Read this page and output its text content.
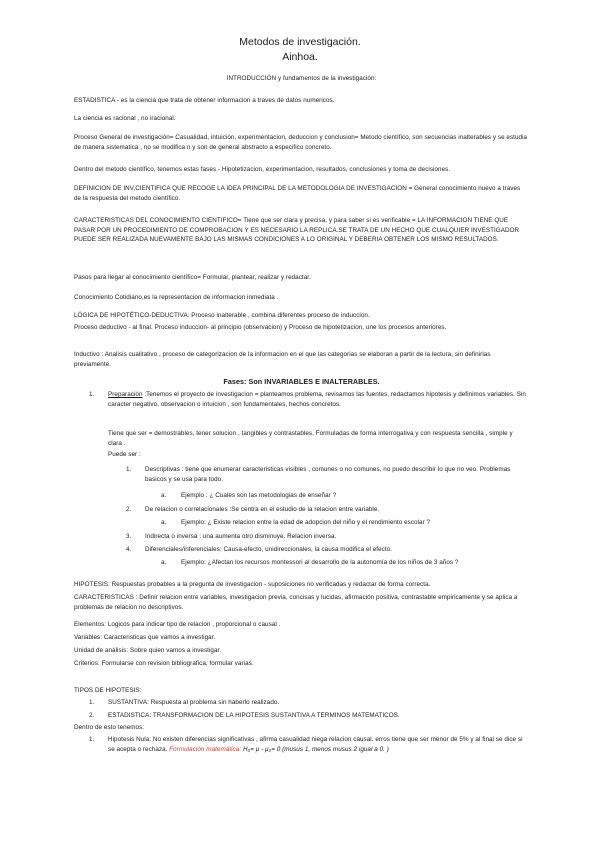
Metodos de investigación.
Ainhoa.
INTRODUCCIÓN y fundamentos de la investigación:
ESTADISTICA - es la ciencia que trata de obtener informacion a traves de datos numericos.
La ciencia es racional , no iracional.
Proceso General de investigación= Casualidad, intuición, experimentacion, deduccion y conclusion= Metodo científico, son secuencias inalterables y se estudia de manera sistematica , no se modifica n y son de general abstracto a especifico concreto.
Dentro del metodo científico, tenemos estas fases - Hipotetizacion, experimentacion, resultados, conclusiones y toma de decisiones.
DEFINICION DE INV,CIENTIFICA QUE RECOGE LA IDEA PRINCIPAL DE LA METODOLOGIA DE INVESTIGACION = General conocimiento nuevo a traves de la respuesta del metodo científico.
CARACTERISTICAS DEL CONOCIMIENTO CIENTIFICO= Tiene que ser clara y precisa, y para saber si es verificable = LA INFORMACION TIENE QUE PASAR POR UN PROCEDIMIENTO DE COMPROBACION Y ES NECESARIO LA REPLICA.SE TRATA DE UN HECHO QUE CUALQUIER INVESTIGADOR PUEDE SER REALIZADA NUEVAMENTE BAJO LAS MISMAS CONDICIONES A LO ORIGINAL Y DEBERIA OBTENER LOS MISMO RESULTADOS.
Pasos para llegar al conocimiento científico= Formular, plantear, realizar y redactar.
Conocimiento Cotidiano,es la representacion de informacion inmediata .
LÓGICA DE HIPOTÉTICO-DEDUCTIVA: Proceso inalterable , combina diferentes proceso de induccion.
Proceso deductivo - al final. Proceso induccion- al principio (observacion) y Proceso de hipotetizacion, une los procesos anteriores.
Inductivo : Analisis cualitativo , proceso de categorizacion de la informacion en el que las categorias se elaboran a partir de la lectura, sin definirlas previamente.
Fases: Son INVARIABLES E INALTERABLES.
1. Preparación :Tenemos el proyecto de investigacion = planteamos problema, revisamos las fuentes, redactamos hipotesis y definimos variables. Sin caracter negativo, observacion o intuicion , son fundamentales, hechos concretos.
Tiene que ser = demostrables, tener solucion , tangibles y contrastables, Formuladas de forma interrogativa y con respuesta sencilla , simple y clara .
Puede ser :
1. Descriptivas : tiene que enumerar caracteristicas visibles , comunes o no comunes, no puedo describir lo que no veo. Problemas basicos y se usa para todo.
a. Ejemplo : ¿ Cuales son las metodologias de enseñar ?
2. De relacion o correlacionales :Se centra en el estudio de la relacion entre variable.
a. Ejemplo: ¿ Existe relacion entre la edad de adopcion del niño y el rendimiento escolar ?
3. Indirecta o inversa : una aumenta otro disminuye. Relacion inversa.
4. Diferenciales/inferenciales: Causa-efecto, unidireccionales, la causa modifica el efecto.
a. Ejemplo: ¿Afectan los recursos montessori al desarrollo de la autonomía de los niños de 3 años ?
HIPOTESIS: Respuestas probables a la pregunta de investigacion - suposiciones no verificadas y redactar de forma correcta.
CARACTERISTICAS : Definir relacion entre variables, investigacion previa, concisas y lucidas, afirmación positiva, contrastable empiricamente y se aplica a problemas de relacion no descriptivos.
Elementos: Logicos para indicar tipo de relacion , proporcional o causal .
Variables: Caracteristicas que vamos a investigar.
Unidad de análisis: Sobre quien vamos a investigar.
Criterios: Formularse con revision bibliografica, formular varias.
TIPOS DE HIPOTESIS:
1. SUSTANTIVA: Respuesta al problema sin haberlo realizado.
2. ESTADISTICA: TRANSFORMACION DE LA HIPOTESIS SUSTANTIVA A TERMINOS MATEMATICOS.
Dentro de esto tenemos:
1. Hipotesis Nula: No existen diferencias significativas , afirma casualidad niega relacion causal. erros tiene que ser menor de 5% y al final se dice si se acepta o rechaza. Formulación matemática: H₀= μ - μ₀= 0 (musus 1, menos musus 2 igual a 0. )
